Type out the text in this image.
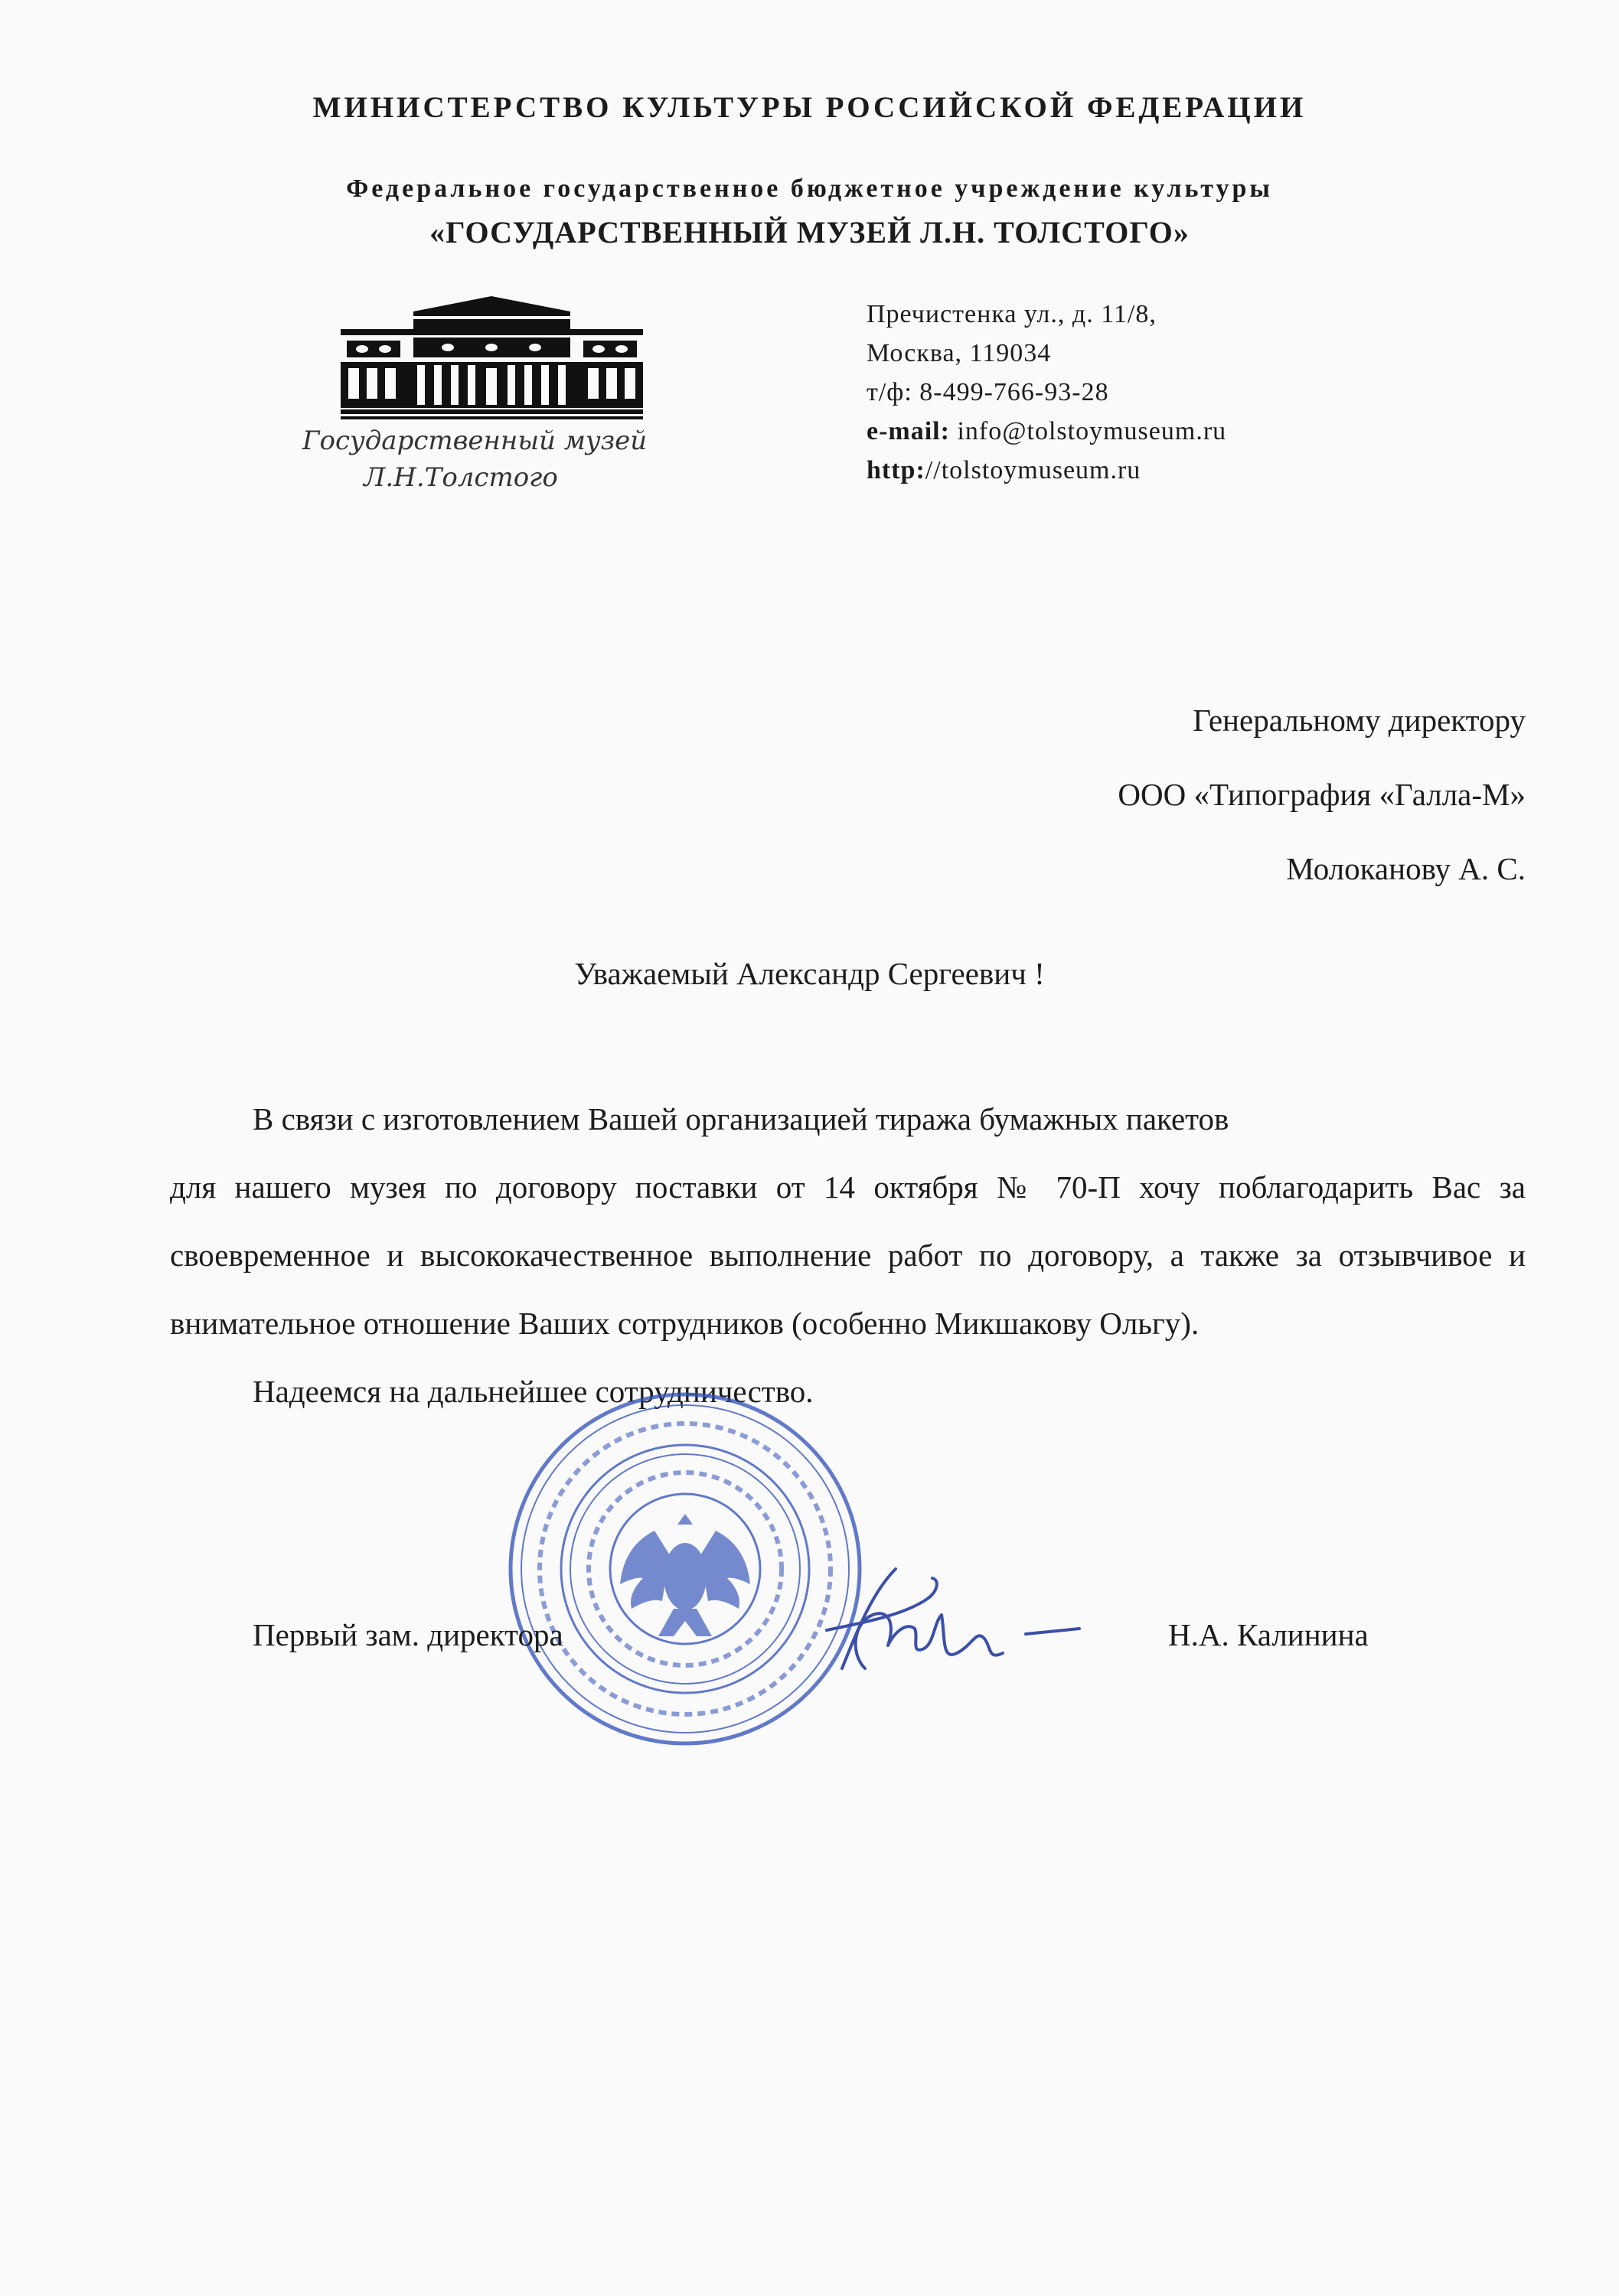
МИНИСТЕРСТВО КУЛЬТУРЫ РОССИЙСКОЙ ФЕДЕРАЦИИ
Федеральное государственное бюджетное учреждение культуры
«ГОСУДАРСТВЕННЫЙ МУЗЕЙ Л.Н. ТОЛСТОГО»
Государственный музей
Л.Н.Толстого
Пречистенка ул., д. 11/8,
Москва, 119034
т/ф: 8-499-766-93-28
e-mail: info@tolstoymuseum.ru
http://tolstoymuseum.ru
Генеральному директору
ООО «Типография «Галла-М»
Молоканову А. С.
Уважаемый Александр Сергеевич !

В связи с изготовлением Вашей организацией тиража бумажных пакетов
для нашего музея по договору поставки от 14 октября № 70-П хочу поблагодарить Вас за своевременное и высококачественное выполнение работ по договору, а также за отзывчивое и внимательное отношение Ваших сотрудников (особенно Микшакову Ольгу).

Надеемся на дальнейшее сотрудничество.

Первый зам. директора	Н.А. Калинина
